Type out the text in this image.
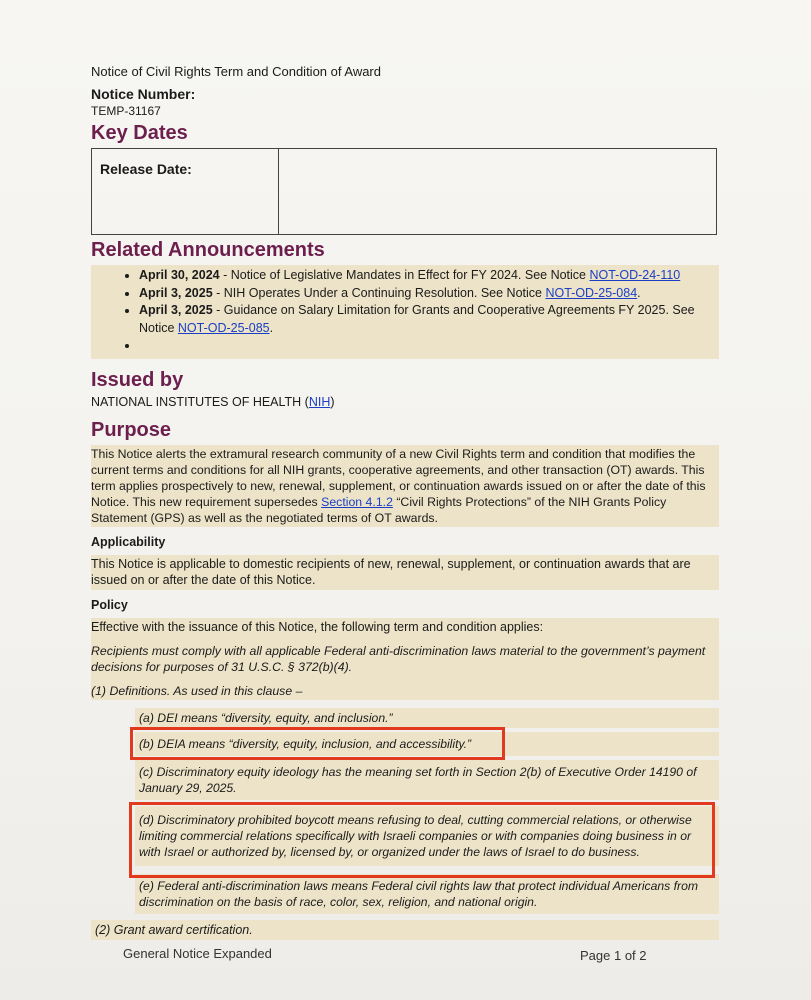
Notice of Civil Rights Term and Condition of Award

Notice Number:

TEMP-31167

Key Dates
Release Date:	
Related Announcements
• April 30, 2024 - Notice of Legislative Mandates in Effect for FY 2024. See Notice NOT-OD-24-110
• April 3, 2025 - NIH Operates Under a Continuing Resolution. See Notice NOT-OD-25-084.
• April 3, 2025 - Guidance on Salary Limitation for Grants and Cooperative Agreements FY 2025. See Notice NOT-OD-25-085.
•
Issued by

NATIONAL INSTITUTES OF HEALTH (NIH)

Purpose

This Notice alerts the extramural research community of a new Civil Rights term and condition that modifies the current terms and conditions for all NIH grants, cooperative agreements, and other transaction (OT) awards. This term applies prospectively to new, renewal, supplement, or continuation awards issued on or after the date of this Notice. This new requirement supersedes Section 4.1.2 “Civil Rights Protections” of the NIH Grants Policy Statement (GPS) as well as the negotiated terms of OT awards.

Applicability

This Notice is applicable to domestic recipients of new, renewal, supplement, or continuation awards that are issued on or after the date of this Notice.

Policy

Effective with the issuance of this Notice, the following term and condition applies:

Recipients must comply with all applicable Federal anti-discrimination laws material to the government’s payment decisions for purposes of 31 U.S.C. § 372(b)(4).

(1) Definitions. As used in this clause –

(a) DEI means “diversity, equity, and inclusion.”

(b) DEIA means “diversity, equity, inclusion, and accessibility.”

(c) Discriminatory equity ideology has the meaning set forth in Section 2(b) of Executive Order 14190 of January 29, 2025.

(d) Discriminatory prohibited boycott means refusing to deal, cutting commercial relations, or otherwise limiting commercial relations specifically with Israeli companies or with companies doing business in or with Israel or authorized by, licensed by, or organized under the laws of Israel to do business.

(e) Federal anti-discrimination laws means Federal civil rights law that protect individual Americans from discrimination on the basis of race, color, sex, religion, and national origin.

(2) Grant award certification.

General Notice Expanded	Page 1 of 2
